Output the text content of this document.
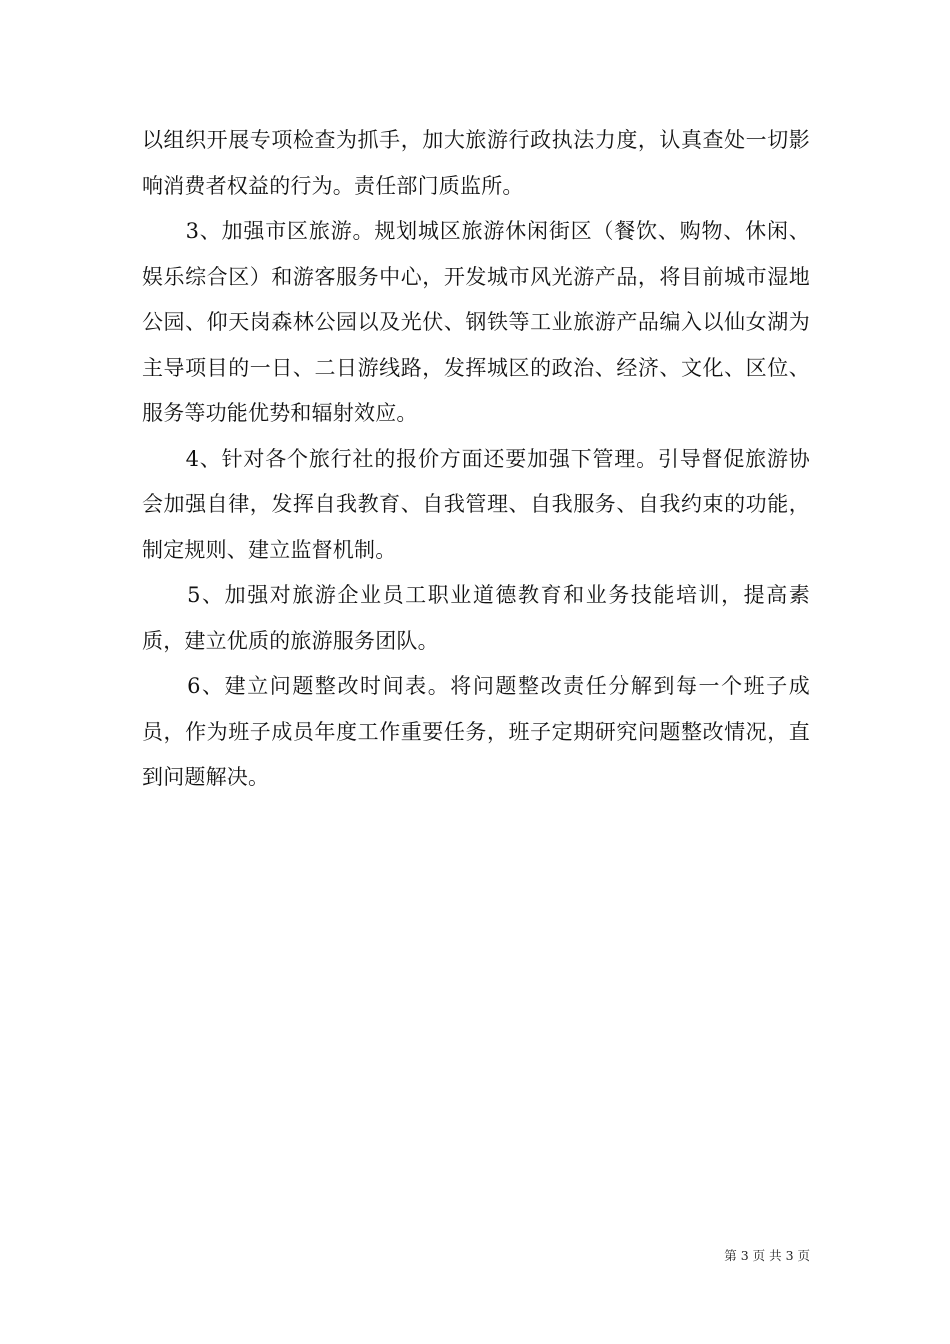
以组织开展专项检查为抓手，加大旅游行政执法力度，认真查处一切影响消费者权益的行为。责任部门质监所。

　　3、加强市区旅游。规划城区旅游休闲街区（餐饮、购物、休闲、娱乐综合区）和游客服务中心，开发城市风光游产品，将目前城市湿地公园、仰天岗森林公园以及光伏、钢铁等工业旅游产品编入以仙女湖为主导项目的一日、二日游线路，发挥城区的政治、经济、文化、区位、服务等功能优势和辐射效应。

　　4、针对各个旅行社的报价方面还要加强下管理。引导督促旅游协会加强自律，发挥自我教育、自我管理、自我服务、自我约束的功能，制定规则、建立监督机制。

　　5、加强对旅游企业员工职业道德教育和业务技能培训，提高素质，建立优质的旅游服务团队。

　　6、建立问题整改时间表。将问题整改责任分解到每一个班子成员，作为班子成员年度工作重要任务，班子定期研究问题整改情况，直到问题解决。

第 3 页 共 3 页
